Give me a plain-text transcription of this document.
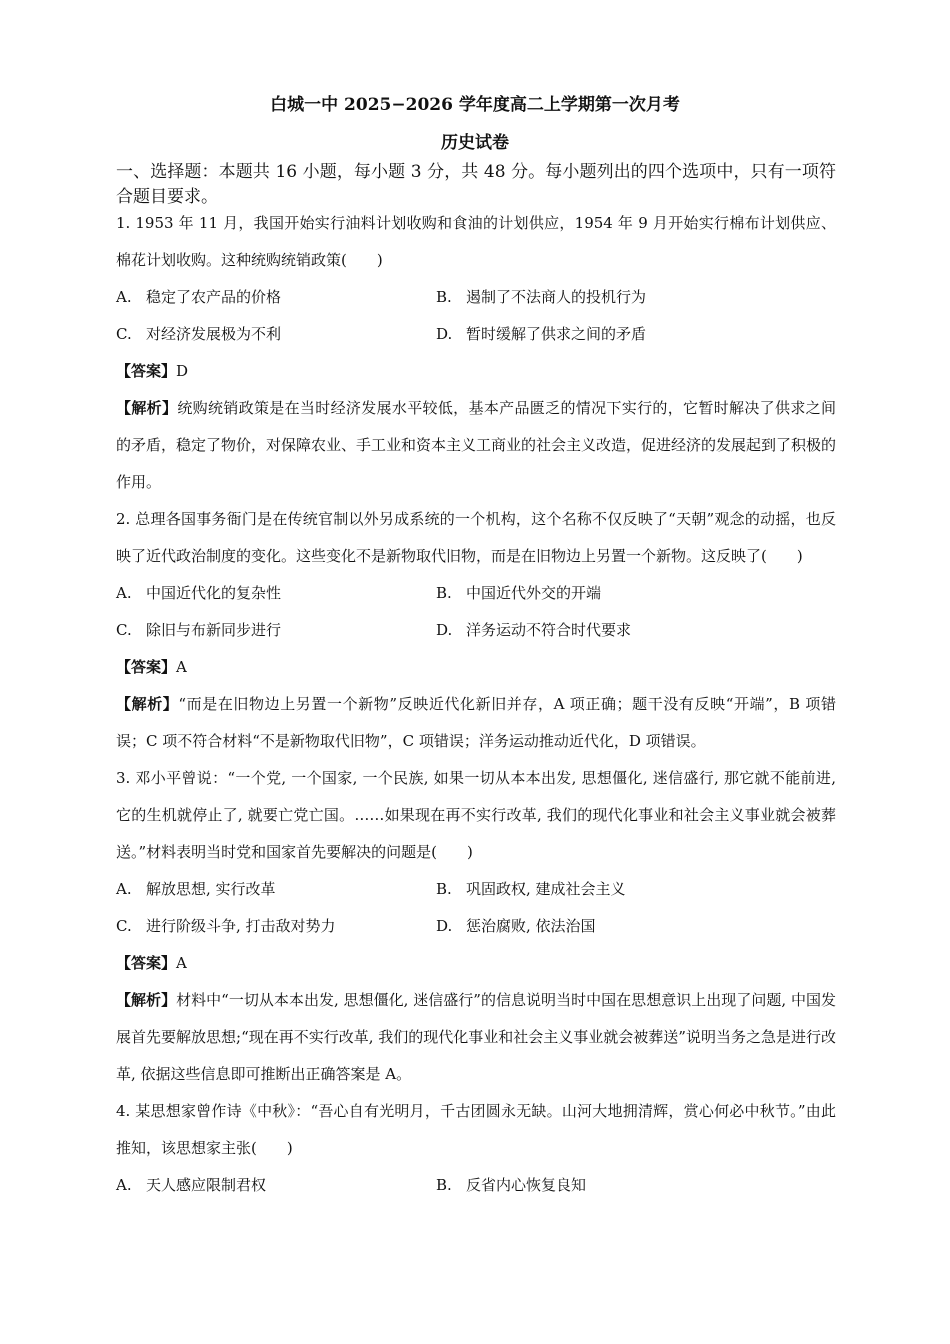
白城一中 2025−2026 学年度高二上学期第一次月考
历史试卷
一、选择题：本题共 16 小题，每小题 3 分，共 48 分。每小题列出的四个选项中，只有一项符合题目要求。
1. 1953 年 11 月，我国开始实行油料计划收购和食油的计划供应，1954 年 9 月开始实行棉布计划供应、棉花计划收购。这种统购统销政策(　　)
A. 稳定了农产品的价格	B. 遏制了不法商人的投机行为
C. 对经济发展极为不利	D. 暂时缓解了供求之间的矛盾
【答案】D
【解析】统购统销政策是在当时经济发展水平较低，基本产品匮乏的情况下实行的，它暂时解决了供求之间的矛盾，稳定了物价，对保障农业、手工业和资本主义工商业的社会主义改造，促进经济的发展起到了积极的作用。
2. 总理各国事务衙门是在传统官制以外另成系统的一个机构，这个名称不仅反映了“天朝”观念的动摇，也反映了近代政治制度的变化。这些变化不是新物取代旧物，而是在旧物边上另置一个新物。这反映了(　　)
A. 中国近代化的复杂性	B. 中国近代外交的开端
C. 除旧与布新同步进行	D. 洋务运动不符合时代要求
【答案】A
【解析】“而是在旧物边上另置一个新物”反映近代化新旧并存，A 项正确；题干没有反映“开端”，B 项错误；C 项不符合材料“不是新物取代旧物”，C 项错误；洋务运动推动近代化，D 项错误。
3. 邓小平曾说：“一个党, 一个国家, 一个民族, 如果一切从本本出发, 思想僵化, 迷信盛行, 那它就不能前进, 它的生机就停止了, 就要亡党亡国。……如果现在再不实行改革, 我们的现代化事业和社会主义事业就会被葬送。”材料表明当时党和国家首先要解决的问题是(　　)
A. 解放思想, 实行改革	B. 巩固政权, 建成社会主义
C. 进行阶级斗争, 打击敌对势力	D. 惩治腐败, 依法治国
【答案】A
【解析】材料中“一切从本本出发, 思想僵化, 迷信盛行”的信息说明当时中国在思想意识上出现了问题, 中国发展首先要解放思想;“现在再不实行改革, 我们的现代化事业和社会主义事业就会被葬送”说明当务之急是进行改革, 依据这些信息即可推断出正确答案是 A。
4. 某思想家曾作诗《中秋》：“吾心自有光明月，千古团圆永无缺。山河大地拥清辉，赏心何必中秋节。”由此推知，该思想家主张(　　)
A. 天人感应限制君权	B. 反省内心恢复良知
